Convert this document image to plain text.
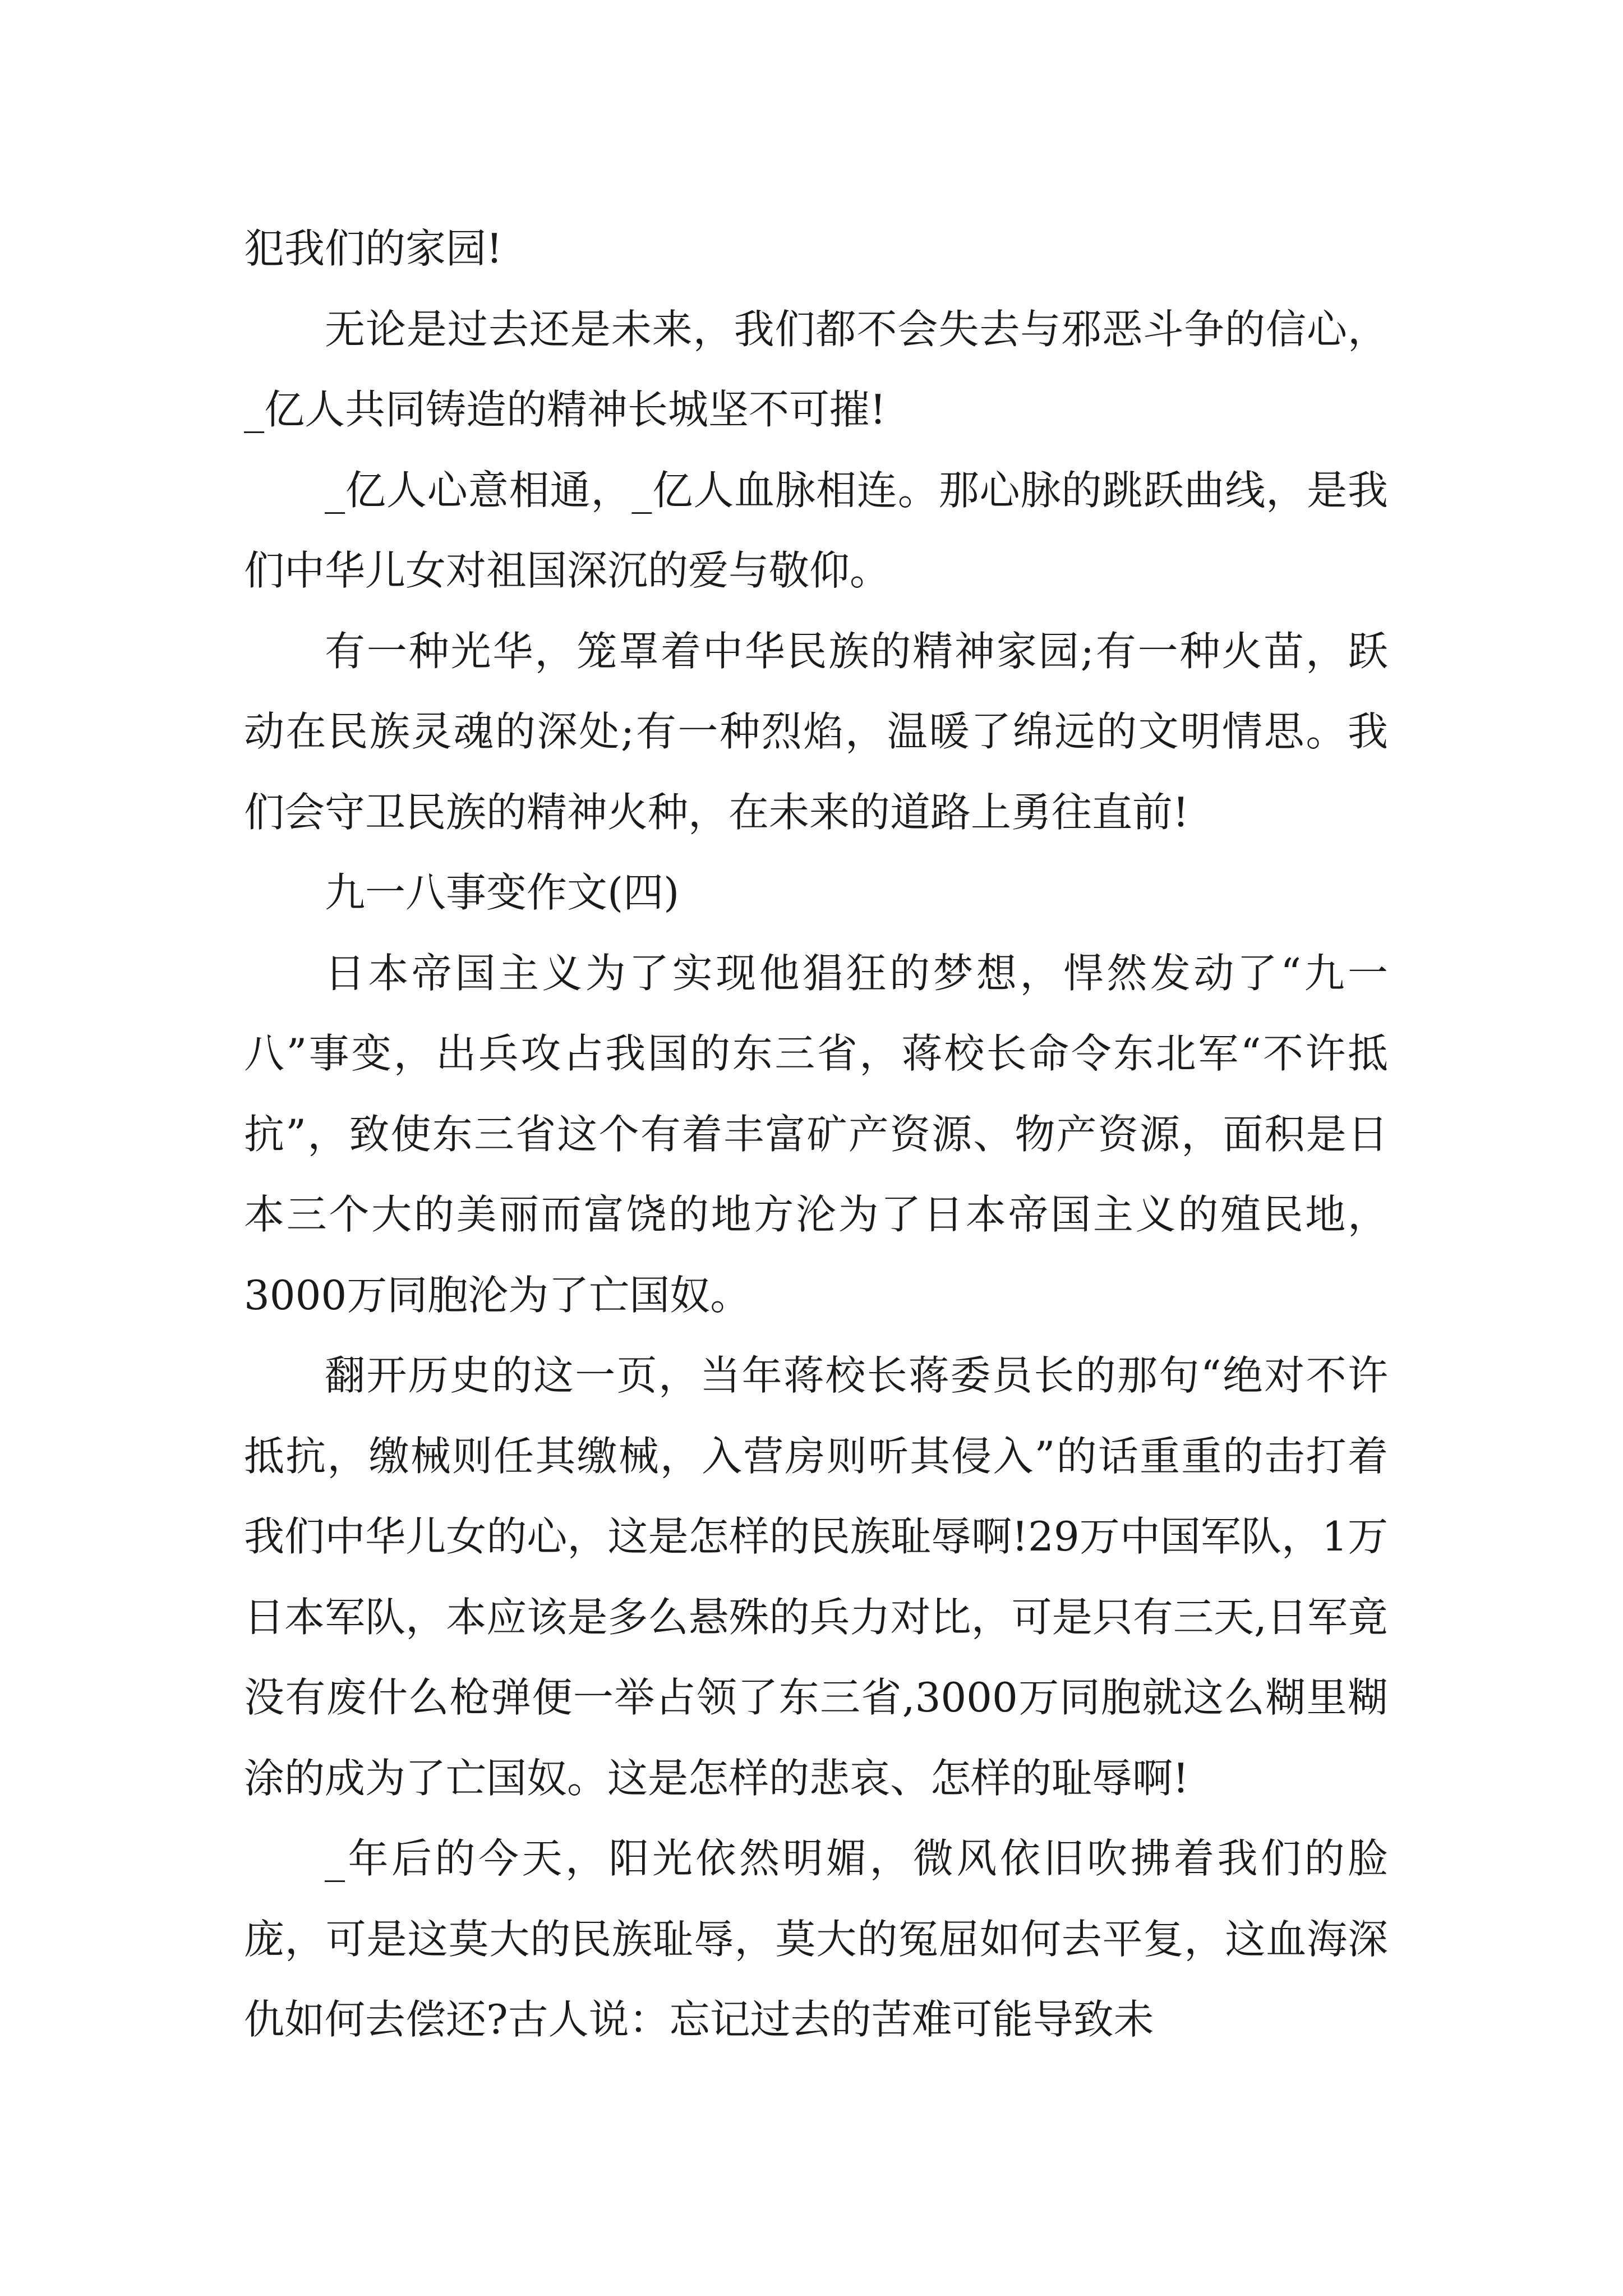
犯我们的家园!

无论是过去还是未来，我们都不会失去与邪恶斗争的信心，_亿人共同铸造的精神长城坚不可摧!

_亿人心意相通，_亿人血脉相连。那心脉的跳跃曲线，是我们中华儿女对祖国深沉的爱与敬仰。

有一种光华，笼罩着中华民族的精神家园;有一种火苗，跃动在民族灵魂的深处;有一种烈焰，温暖了绵远的文明情思。我们会守卫民族的精神火种，在未来的道路上勇往直前!

九一八事变作文(四)

日本帝国主义为了实现他猖狂的梦想，悍然发动了“九一八”事变，出兵攻占我国的东三省，蒋校长命令东北军“不许抵抗”，致使东三省这个有着丰富矿产资源、物产资源，面积是日本三个大的美丽而富饶的地方沦为了日本帝国主义的殖民地，3000万同胞沦为了亡国奴。

翻开历史的这一页，当年蒋校长蒋委员长的那句“绝对不许抵抗，缴械则任其缴械，入营房则听其侵入”的话重重的击打着我们中华儿女的心，这是怎样的民族耻辱啊!29万中国军队，1万日本军队，本应该是多么悬殊的兵力对比，可是只有三天,日军竟没有废什么枪弹便一举占领了东三省,3000万同胞就这么糊里糊涂的成为了亡国奴。这是怎样的悲哀、怎样的耻辱啊!

_年后的今天，阳光依然明媚，微风依旧吹拂着我们的脸庞，可是这莫大的民族耻辱，莫大的冤屈如何去平复，这血海深仇如何去偿还?古人说：忘记过去的苦难可能导致未
